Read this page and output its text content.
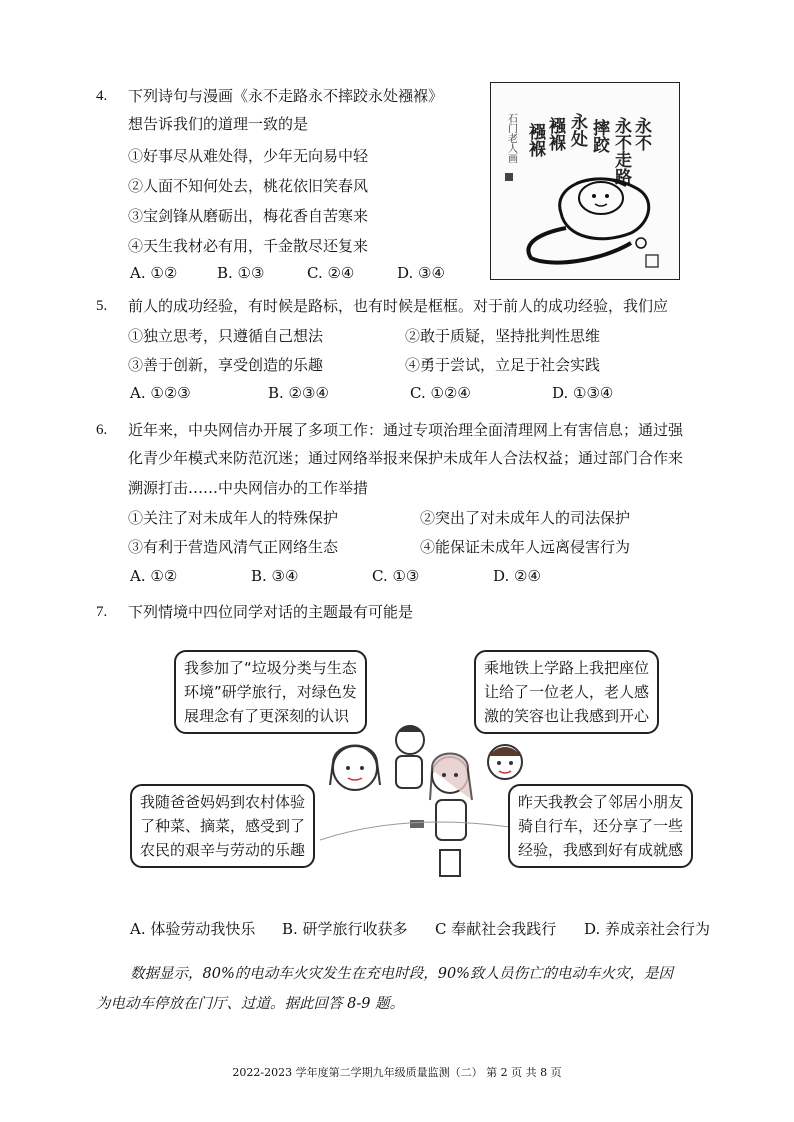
4. 下列诗句与漫画《永不走路永不摔跤永处襁褓》
想告诉我们的道理一致的是
①好事尽从难处得，少年无向易中轻
②人面不知何处去，桃花依旧笑春风
③宝剑锋从磨砺出，梅花香自苦寒来
④天生我材必有用，千金散尽还复来
A. ①②	B. ①③	C. ②④	D. ③④
永不
永不走路
摔跤
永处
襁褓
襁褓
石门老人画
5. 前人的成功经验，有时候是路标，也有时候是框框。对于前人的成功经验，我们应
①独立思考，只遵循自己想法	②敢于质疑，坚持批判性思维
③善于创新，享受创造的乐趣	④勇于尝试，立足于社会实践
A. ①②③	B. ②③④	C. ①②④	D. ①③④
6. 近年来，中央网信办开展了多项工作：通过专项治理全面清理网上有害信息；通过强
化青少年模式来防范沉迷；通过网络举报来保护未成年人合法权益；通过部门合作来
溯源打击……中央网信办的工作举措
①关注了对未成年人的特殊保护	②突出了对未成年人的司法保护
③有利于营造风清气正网络生态	④能保证未成年人远离侵害行为
A. ①②	B. ③④	C. ①③	D. ②④
7. 下列情境中四位同学对话的主题最有可能是
我参加了“垃圾分类与生态
环境”研学旅行，对绿色发
展理念有了更深刻的认识
乘地铁上学路上我把座位
让给了一位老人，老人感
激的笑容也让我感到开心
我随爸爸妈妈到农村体验
了种菜、摘菜，感受到了
农民的艰辛与劳动的乐趣
昨天我教会了邻居小朋友
骑自行车，还分享了一些
经验，我感到好有成就感
A. 体验劳动我快乐 B. 研学旅行收获多 C 奉献社会我践行 D. 养成亲社会行为
数据显示，80%的电动车火灾发生在充电时段，90%致人员伤亡的电动车火灾，是因
为电动车停放在门厅、过道。据此回答 8-9 题。
2022-2023 学年度第二学期九年级质量监测（二） 第 2 页 共 8 页
